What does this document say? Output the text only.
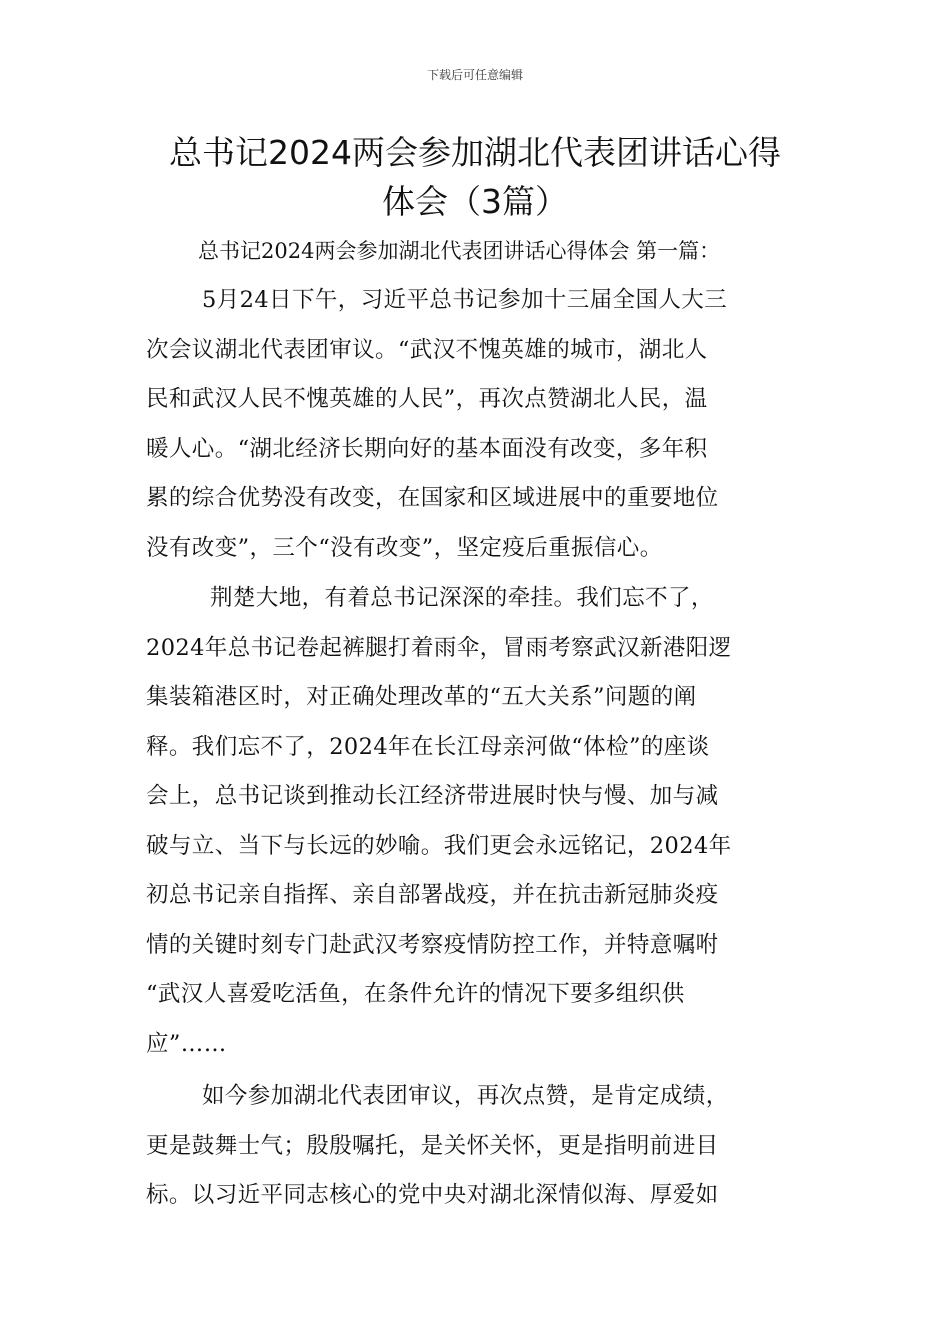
下载后可任意编辑
总书记2024两会参加湖北代表团讲话心得
体会（3篇）
总书记2024两会参加湖北代表团讲话心得体会 第一篇：
5月24日下午，习近平总书记参加十三届全国人大三
次会议湖北代表团审议。“武汉不愧英雄的城市，湖北人
民和武汉人民不愧英雄的人民”，再次点赞湖北人民，温
暖人心。“湖北经济长期向好的基本面没有改变，多年积
累的综合优势没有改变，在国家和区域进展中的重要地位
没有改变”，三个“没有改变”，坚定疫后重振信心。
荆楚大地，有着总书记深深的牵挂。我们忘不了，
2024年总书记卷起裤腿打着雨伞，冒雨考察武汉新港阳逻
集装箱港区时，对正确处理改革的“五大关系”问题的阐
释。我们忘不了，2024年在长江母亲河做“体检”的座谈
会上，总书记谈到推动长江经济带进展时快与慢、加与减
破与立、当下与长远的妙喻。我们更会永远铭记，2024年
初总书记亲自指挥、亲自部署战疫，并在抗击新冠肺炎疫
情的关键时刻专门赴武汉考察疫情防控工作，并特意嘱咐
“武汉人喜爱吃活鱼，在条件允许的情况下要多组织供
应”……
如今参加湖北代表团审议，再次点赞，是肯定成绩，
更是鼓舞士气；殷殷嘱托，是关怀关怀，更是指明前进目
标。以习近平同志核心的党中央对湖北深情似海、厚爱如
